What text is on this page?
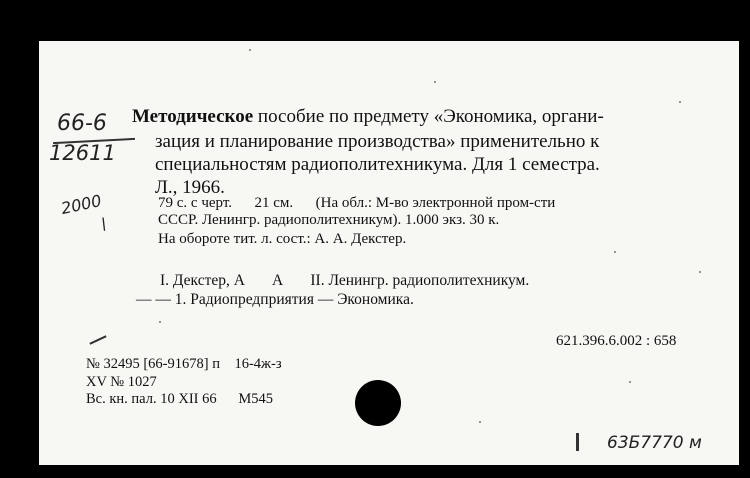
66-6
12611
2000
\
Методическое пособие по предмету «Экономика, органи-
зация и планирование производства» применительно к
специальностям радиополитехникума. Для 1 семестра.
Л., 1966.
79 с. с черт.      21 см.      (На обл.: М-во электронной пром-сти
СССР. Ленингр. радиополитехникум). 1.000 экз. 30 к.
На обороте тит. л. сост.: А. А. Декстер.
I. Декстер, А       А       II. Ленингр. радиополитехникум.
— — 1. Радиопредприятия — Экономика.
621.396.6.002 : 658
№ 32495 [66-91678] п    16-4ж-з
XV № 1027
Вс. кн. пал. 10 XII 66      М545
63Б7770 м
